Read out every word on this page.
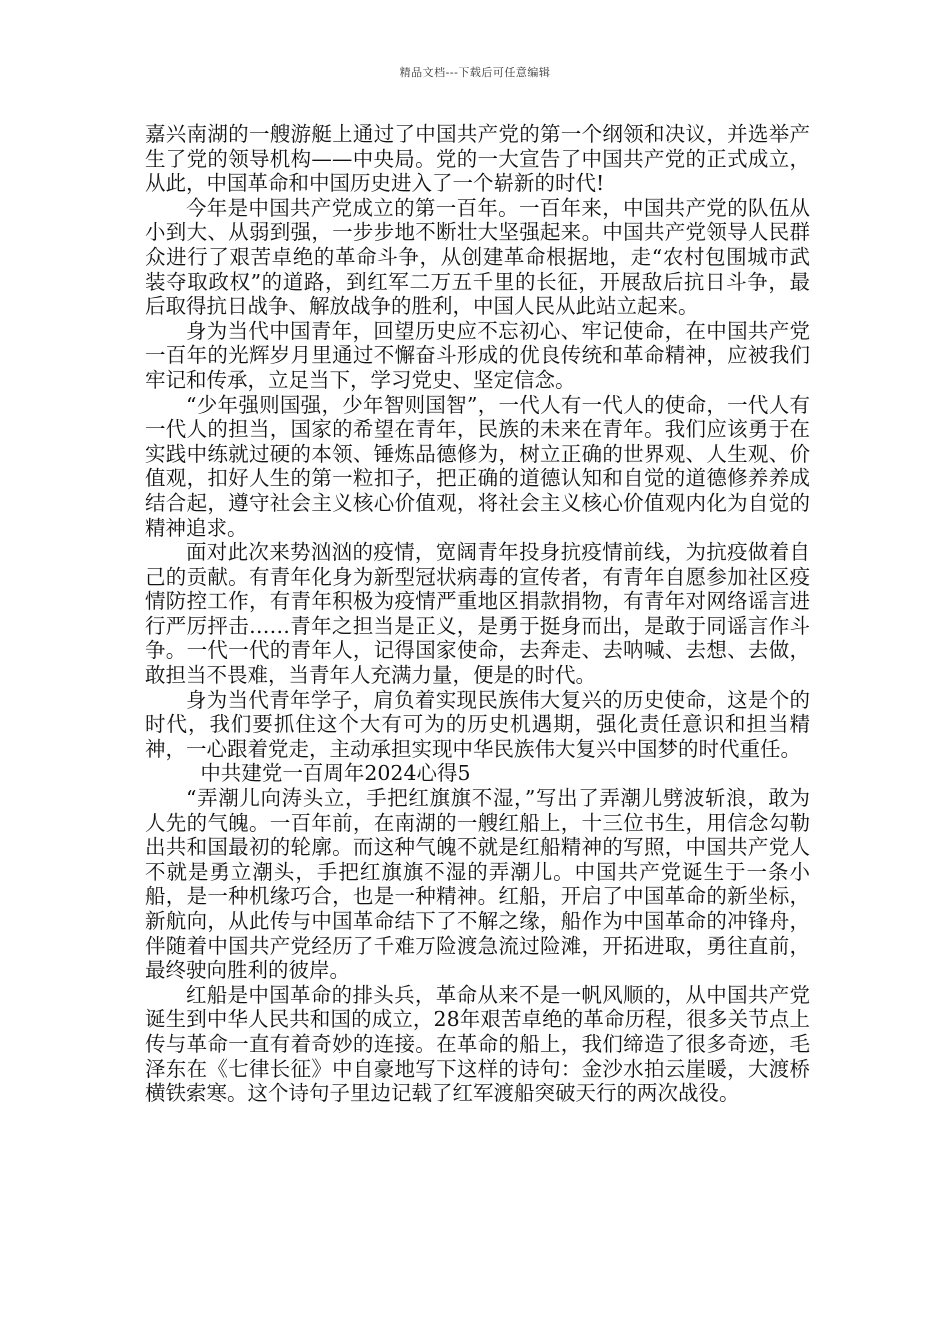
精品文档---下载后可任意编辑

嘉兴南湖的一艘游艇上通过了中国共产党的第一个纲领和决议，并选举产生了党的领导机构——中央局。党的一大宣告了中国共产党的正式成立，从此，中国革命和中国历史进入了一个崭新的时代!

今年是中国共产党成立的第一百年。一百年来，中国共产党的队伍从小到大、从弱到强，一步步地不断壮大坚强起来。中国共产党领导人民群众进行了艰苦卓绝的革命斗争，从创建革命根据地，走“农村包围城市武装夺取政权”的道路，到红军二万五千里的长征，开展敌后抗日斗争，最后取得抗日战争、解放战争的胜利，中国人民从此站立起来。

身为当代中国青年，回望历史应不忘初心、牢记使命，在中国共产党一百年的光辉岁月里通过不懈奋斗形成的优良传统和革命精神，应被我们牢记和传承，立足当下，学习党史、坚定信念。

“少年强则国强，少年智则国智”，一代人有一代人的使命，一代人有一代人的担当，国家的希望在青年，民族的未来在青年。我们应该勇于在实践中练就过硬的本领、锤炼品德修为，树立正确的世界观、人生观、价值观，扣好人生的第一粒扣子，把正确的道德认知和自觉的道德修养养成结合起，遵守社会主义核心价值观，将社会主义核心价值观内化为自觉的精神追求。

面对此次来势汹汹的疫情，宽阔青年投身抗疫情前线，为抗疫做着自己的贡献。有青年化身为新型冠状病毒的宣传者，有青年自愿参加社区疫情防控工作，有青年积极为疫情严重地区捐款捐物，有青年对网络谣言进行严厉抨击……青年之担当是正义，是勇于挺身而出，是敢于同谣言作斗争。一代一代的青年人，记得国家使命，去奔走、去呐喊、去想、去做，敢担当不畏难，当青年人充满力量，便是的时代。

身为当代青年学子，肩负着实现民族伟大复兴的历史使命，这是个的时代，我们要抓住这个大有可为的历史机遇期，强化责任意识和担当精神，一心跟着党走，主动承担实现中华民族伟大复兴中国梦的时代重任。

中共建党一百周年2024心得5

“弄潮儿向涛头立，手把红旗旗不湿，”写出了弄潮儿劈波斩浪，敢为人先的气魄。一百年前，在南湖的一艘红船上，十三位书生，用信念勾勒出共和国最初的轮廓。而这种气魄不就是红船精神的写照，中国共产党人不就是勇立潮头，手把红旗旗不湿的弄潮儿。中国共产党诞生于一条小船，是一种机缘巧合，也是一种精神。红船，开启了中国革命的新坐标，新航向，从此传与中国革命结下了不解之缘，船作为中国革命的冲锋舟，伴随着中国共产党经历了千难万险渡急流过险滩，开拓进取，勇往直前，最终驶向胜利的彼岸。

红船是中国革命的排头兵，革命从来不是一帆风顺的，从中国共产党诞生到中华人民共和国的成立，28年艰苦卓绝的革命历程，很多关节点上传与革命一直有着奇妙的连接。在革命的船上，我们缔造了很多奇迹，毛泽东在《七律长征》中自豪地写下这样的诗句：金沙水拍云崖暖，大渡桥横铁索寒。这个诗句子里边记载了红军渡船突破天行的两次战役。
